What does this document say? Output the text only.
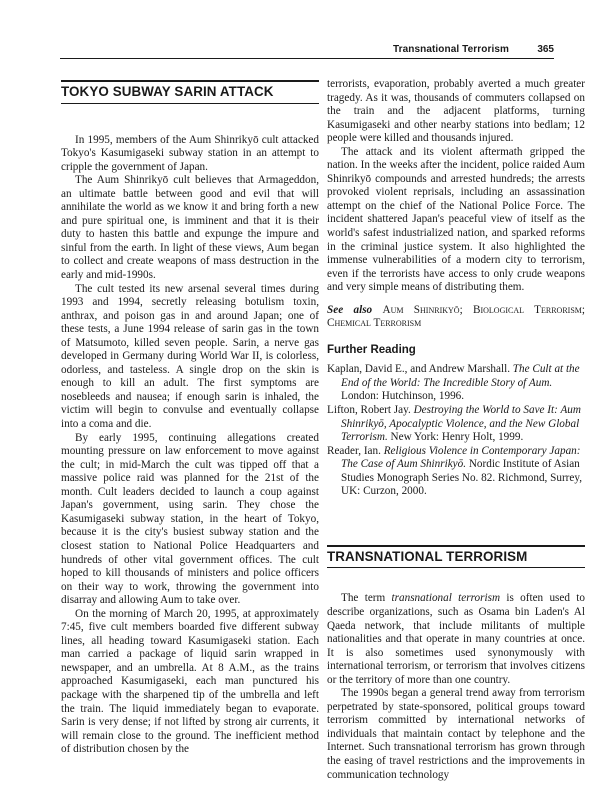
Transnational Terrorism	365
TOKYO SUBWAY SARIN ATTACK

In 1995, members of the Aum Shinrikyō cult attacked Tokyo's Kasumigaseki subway station in an attempt to cripple the government of Japan.

The Aum Shinrikyō cult believes that Armageddon, an ultimate battle between good and evil that will annihilate the world as we know it and bring forth a new and pure spiritual one, is imminent and that it is their duty to hasten this battle and expunge the impure and sinful from the earth. In light of these views, Aum began to collect and create weapons of mass destruction in the early and mid-1990s.

The cult tested its new arsenal several times during 1993 and 1994, secretly releasing botulism toxin, anthrax, and poison gas in and around Japan; one of these tests, a June 1994 release of sarin gas in the town of Matsumoto, killed seven people. Sarin, a nerve gas developed in Germany during World War II, is colorless, odorless, and tasteless. A single drop on the skin is enough to kill an adult. The first symptoms are nosebleeds and nausea; if enough sarin is inhaled, the victim will begin to convulse and eventually collapse into a coma and die.

By early 1995, continuing allegations created mounting pressure on law enforcement to move against the cult; in mid-March the cult was tipped off that a massive police raid was planned for the 21st of the month. Cult leaders decided to launch a coup against Japan's government, using sarin. They chose the Kasumigaseki subway station, in the heart of Tokyo, because it is the city's busiest subway station and the closest station to National Police Headquarters and hundreds of other vital government offices. The cult hoped to kill thousands of ministers and police officers on their way to work, throwing the government into disarray and allowing Aum to take over.

On the morning of March 20, 1995, at approximately 7:45, five cult members boarded five different subway lines, all heading toward Kasumigaseki station. Each man carried a package of liquid sarin wrapped in newspaper, and an umbrella. At 8 A.M., as the trains approached Kasumigaseki, each man punctured his package with the sharpened tip of the umbrella and left the train. The liquid immediately began to evaporate. Sarin is very dense; if not lifted by strong air currents, it will remain close to the ground. The inefficient method of distribution chosen by the

terrorists, evaporation, probably averted a much greater tragedy. As it was, thousands of commuters collapsed on the train and the adjacent platforms, turning Kasumigaseki and other nearby stations into bedlam; 12 people were killed and thousands injured.

The attack and its violent aftermath gripped the nation. In the weeks after the incident, police raided Aum Shinrikyō compounds and arrested hundreds; the arrests provoked violent reprisals, including an assassination attempt on the chief of the National Police Force. The incident shattered Japan's peaceful view of itself as the world's safest industrialized nation, and sparked reforms in the criminal justice system. It also highlighted the immense vulnerabilities of a modern city to terrorism, even if the terrorists have access to only crude weapons and very simple means of distributing them.

See also Aum Shinrikyō; Biological Terrorism; Chemical Terrorism

Further Reading

Kaplan, David E., and Andrew Marshall. The Cult at the End of the World: The Incredible Story of Aum. London: Hutchinson, 1996.

Lifton, Robert Jay. Destroying the World to Save It: Aum Shinrikyō, Apocalyptic Violence, and the New Global Terrorism. New York: Henry Holt, 1999.

Reader, Ian. Religious Violence in Contemporary Japan: The Case of Aum Shinrikyō. Nordic Institute of Asian Studies Monograph Series No. 82. Richmond, Surrey, UK: Curzon, 2000.

TRANSNATIONAL TERRORISM

The term transnational terrorism is often used to describe organizations, such as Osama bin Laden's Al Qaeda network, that include militants of multiple nationalities and that operate in many countries at once. It is also sometimes used synonymously with international terrorism, or terrorism that involves citizens or the territory of more than one country.

The 1990s began a general trend away from terrorism perpetrated by state-sponsored, political groups toward terrorism committed by international networks of individuals that maintain contact by telephone and the Internet. Such transnational terrorism has grown through the easing of travel restrictions and the improvements in communication technology
